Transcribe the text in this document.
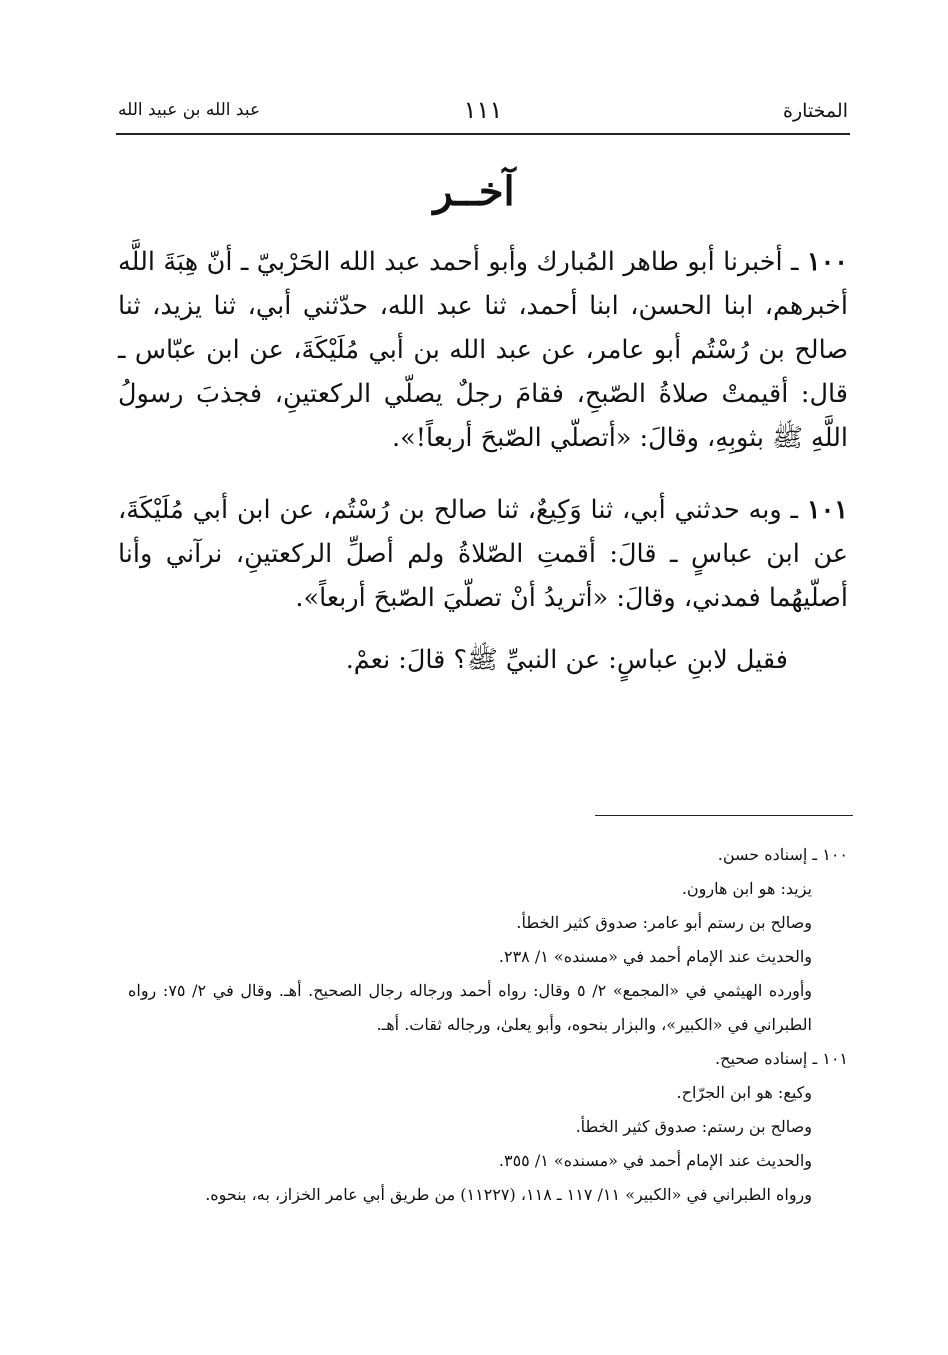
المختارة
١١١
عبد الله بن عبيد الله
آخــر

١٠٠ ـ أخبرنا أبو طاهر المُبارك وأبو أحمد عبد الله الحَرْبيّ ـ أنّ هِبَةَ اللَّه أخبرهم، ابنا الحسن، ابنا أحمد، ثنا عبد الله، حدّثني أبي، ثنا يزيد، ثنا صالح بن رُسْتُم أبو عامر، عن عبد الله بن أبي مُلَيْكَةَ، عن ابن عبّاس ـ قال: أقيمتْ صلاةُ الصّبحِ، فقامَ رجلٌ يصلّي الركعتينِ، فجذبَ رسولُ اللَّهِ ﷺ بثوبِهِ، وقالَ: «أتصلّي الصّبحَ أربعاً!».

١٠١ ـ وبه حدثني أبي، ثنا وَكِيعٌ، ثنا صالح بن رُسْتُم، عن ابن أبي مُلَيْكَةَ، عن ابن عباسٍ ـ قالَ: أقمتِ الصّلاةُ ولم أصلِّ الركعتينِ، نرآني وأنا أصلّيهُما فمدني، وقالَ: «أتريدُ أنْ تصلّيَ الصّبحَ أربعاً».

فقيل لابنِ عباسٍ: عن النبيِّ ﷺ؟ قالَ: نعمْ.

١٠٠ ـ إسناده حسن.
يزيد: هو ابن هارون.
وصالح بن رستم أبو عامر: صدوق كثير الخطأ.
والحديث عند الإمام أحمد في «مسنده» ١/ ٢٣٨.
وأورده الهيثمي في «المجمع» ٢/ ٥ وقال: رواه أحمد ورجاله رجال الصحيح. أهـ. وقال في ٢/ ٧٥: رواه الطبراني في «الكبير»، والبزار بنحوه، وأبو يعلىٰ، ورجاله ثقات. أهـ.
١٠١ ـ إسناده صحيح.
وكيع: هو ابن الجرّاح.
وصالح بن رستم: صدوق كثير الخطأ.
والحديث عند الإمام أحمد في «مسنده» ١/ ٣٥٥.
ورواه الطبراني في «الكبير» ١١/ ١١٧ ـ ١١٨، (١١٢٢٧) من طريق أبي عامر الخزاز، به، بنحوه.
